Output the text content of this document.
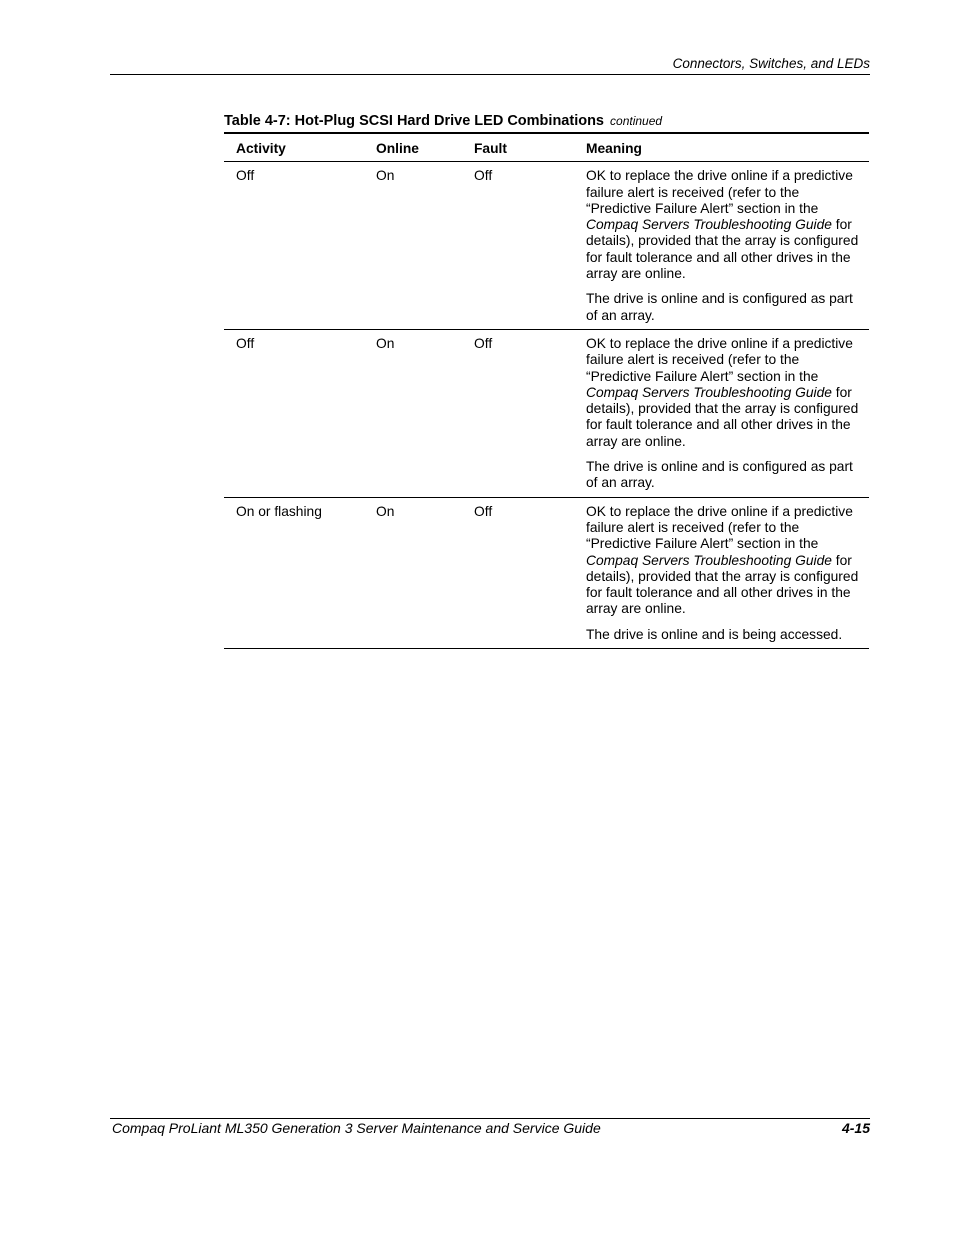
Connectors, Switches, and LEDs
Table 4-7: Hot-Plug SCSI Hard Drive LED Combinations continued
Activity	Online	Fault	Meaning
Off	On	Off	OK to replace the drive online if a predictive failure alert is received (refer to the “Predictive Failure Alert” section in the Compaq Servers Troubleshooting Guide for details), provided that the array is configured for fault tolerance and all other drives in the array are online.

The drive is online and is configured as part of an array.

Off	On	Off	OK to replace the drive online if a predictive failure alert is received (refer to the “Predictive Failure Alert” section in the Compaq Servers Troubleshooting Guide for details), provided that the array is configured for fault tolerance and all other drives in the array are online.

The drive is online and is configured as part of an array.

On or flashing	On	Off	OK to replace the drive online if a predictive failure alert is received (refer to the “Predictive Failure Alert” section in the Compaq Servers Troubleshooting Guide for details), provided that the array is configured for fault tolerance and all other drives in the array are online.

The drive is online and is being accessed.

Compaq ProLiant ML350 Generation 3 Server Maintenance and Service Guide	4-15
